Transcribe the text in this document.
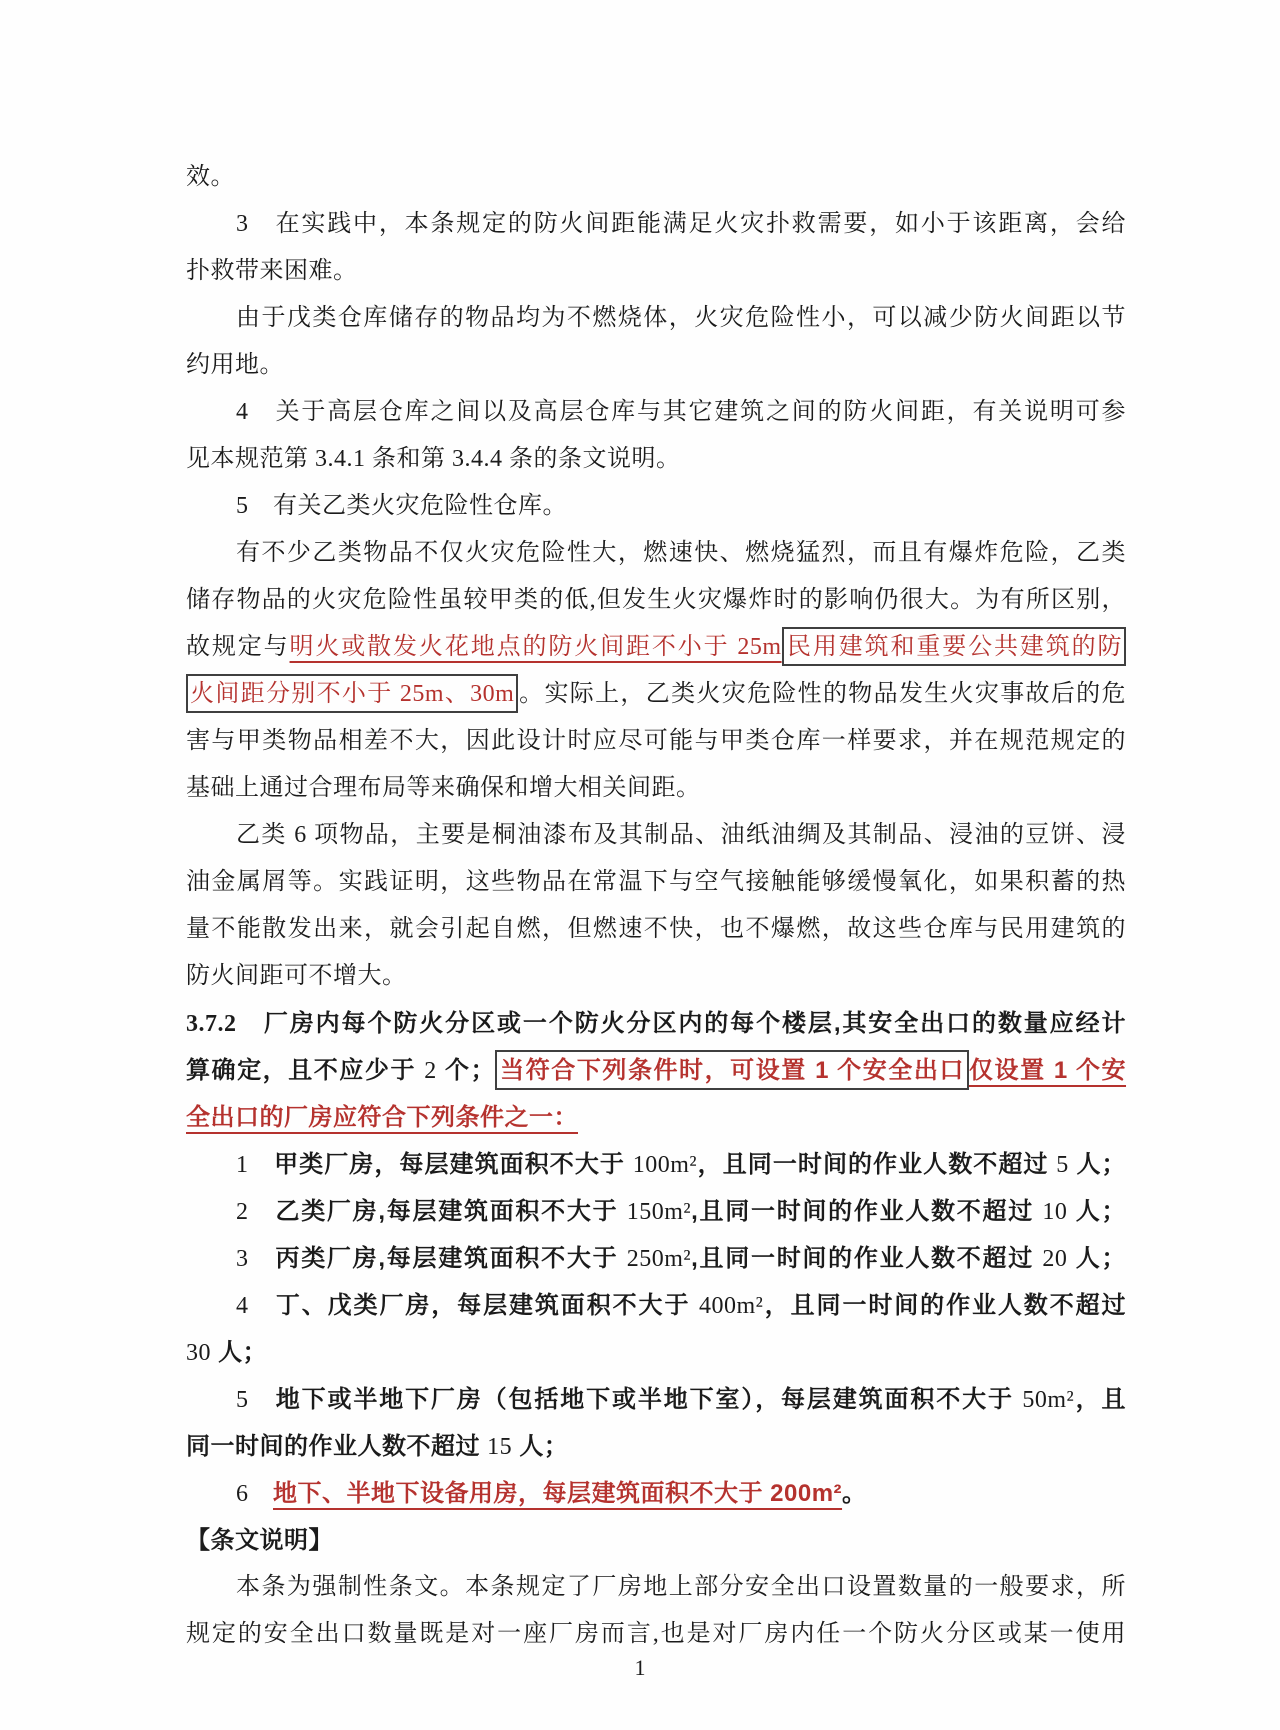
效。
3　在实践中，本条规定的防火间距能满足火灾扑救需要，如小于该距离，会给
扑救带来困难。
由于戊类仓库储存的物品均为不燃烧体，火灾危险性小，可以减少防火间距以节
约用地。
4　关于高层仓库之间以及高层仓库与其它建筑之间的防火间距，有关说明可参
见本规范第 3.4.1 条和第 3.4.4 条的条文说明。
5　有关乙类火灾危险性仓库。
有不少乙类物品不仅火灾危险性大，燃速快、燃烧猛烈，而且有爆炸危险，乙类
储存物品的火灾危险性虽较甲类的低,但发生火灾爆炸时的影响仍很大。为有所区别，
故规定与明火或散发火花地点的防火间距不小于 25m 民用建筑和重要公共建筑的防
火间距分别不小于 25m、30m 。实际上，乙类火灾危险性的物品发生火灾事故后的危
害与甲类物品相差不大，因此设计时应尽可能与甲类仓库一样要求，并在规范规定的
基础上通过合理布局等来确保和增大相关间距。
乙类 6 项物品，主要是桐油漆布及其制品、油纸油绸及其制品、浸油的豆饼、浸
油金属屑等。实践证明，这些物品在常温下与空气接触能够缓慢氧化，如果积蓄的热
量不能散发出来，就会引起自燃，但燃速不快，也不爆燃，故这些仓库与民用建筑的
防火间距可不增大。
3.7.2　厂房内每个防火分区或一个防火分区内的每个楼层,其安全出口的数量应经计
算确定，且不应少于 2 个； 当符合下列条件时，可设置 1 个安全出口 仅设置 1 个安
全出口的厂房应符合下列条件之一：
1　甲类厂房，每层建筑面积不大于 100m²，且同一时间的作业人数不超过 5 人；
2　乙类厂房,每层建筑面积不大于 150m²,且同一时间的作业人数不超过 10 人；
3　丙类厂房,每层建筑面积不大于 250m²,且同一时间的作业人数不超过 20 人；
4　丁、戊类厂房，每层建筑面积不大于 400m²，且同一时间的作业人数不超过
30 人；
5　地下或半地下厂房（包括地下或半地下室），每层建筑面积不大于 50m²，且
同一时间的作业人数不超过 15 人；
6　地下、半地下设备用房，每层建筑面积不大于 200m²。
【条文说明】
本条为强制性条文。本条规定了厂房地上部分安全出口设置数量的一般要求，所
规定的安全出口数量既是对一座厂房而言,也是对厂房内任一个防火分区或某一使用
1
